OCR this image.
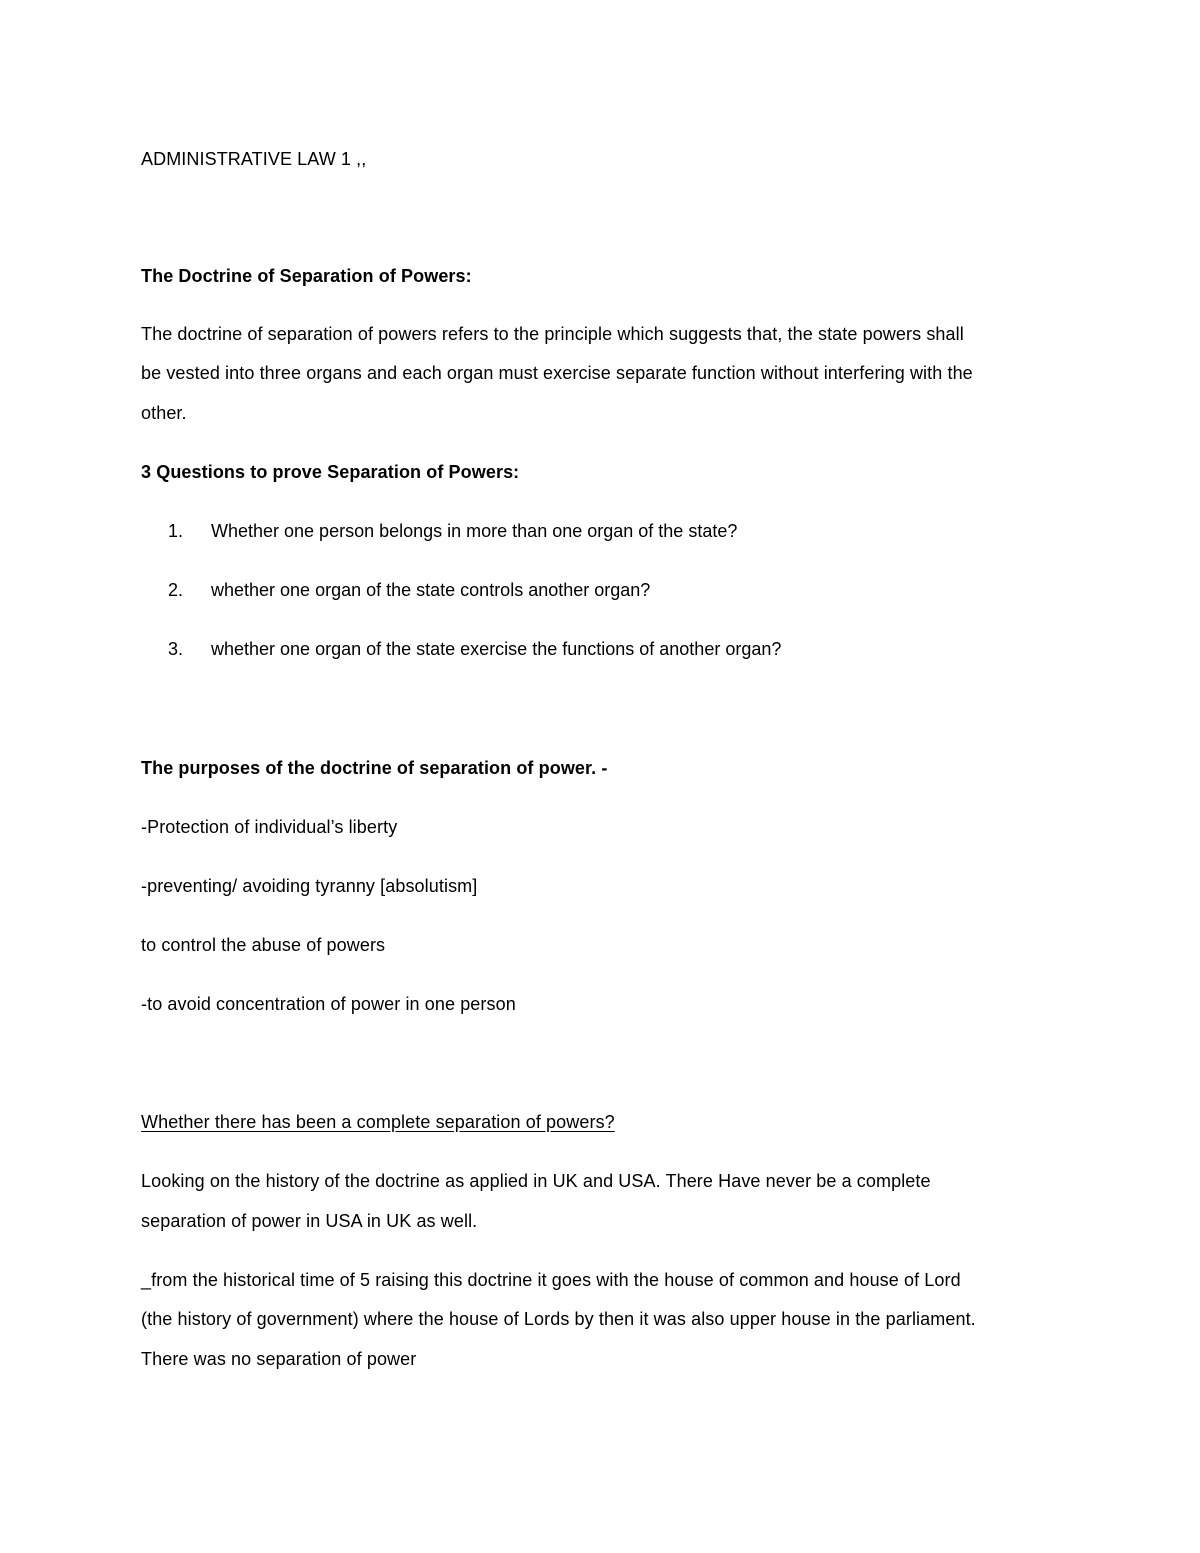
ADMINISTRATIVE LAW 1 ,,
The Doctrine of Separation of Powers:
The doctrine of separation of powers refers to the principle which suggests that, the state powers shall
be vested into three organs and each organ must exercise separate function without interfering with the
other.
3 Questions to prove Separation of Powers:
1. Whether one person belongs in more than one organ of the state?
2. whether one organ of the state controls another organ?
3. whether one organ of the state exercise the functions of another organ?
The purposes of the doctrine of separation of power. -
-Protection of individual’s liberty
-preventing/ avoiding tyranny [absolutism]
to control the abuse of powers
-to avoid concentration of power in one person
Whether there has been a complete separation of powers?
Looking on the history of the doctrine as applied in UK and USA. There Have never be a complete
separation of power in USA in UK as well.
_from the historical time of 5 raising this doctrine it goes with the house of common and house of Lord
(the history of government) where the house of Lords by then it was also upper house in the parliament.
There was no separation of power
